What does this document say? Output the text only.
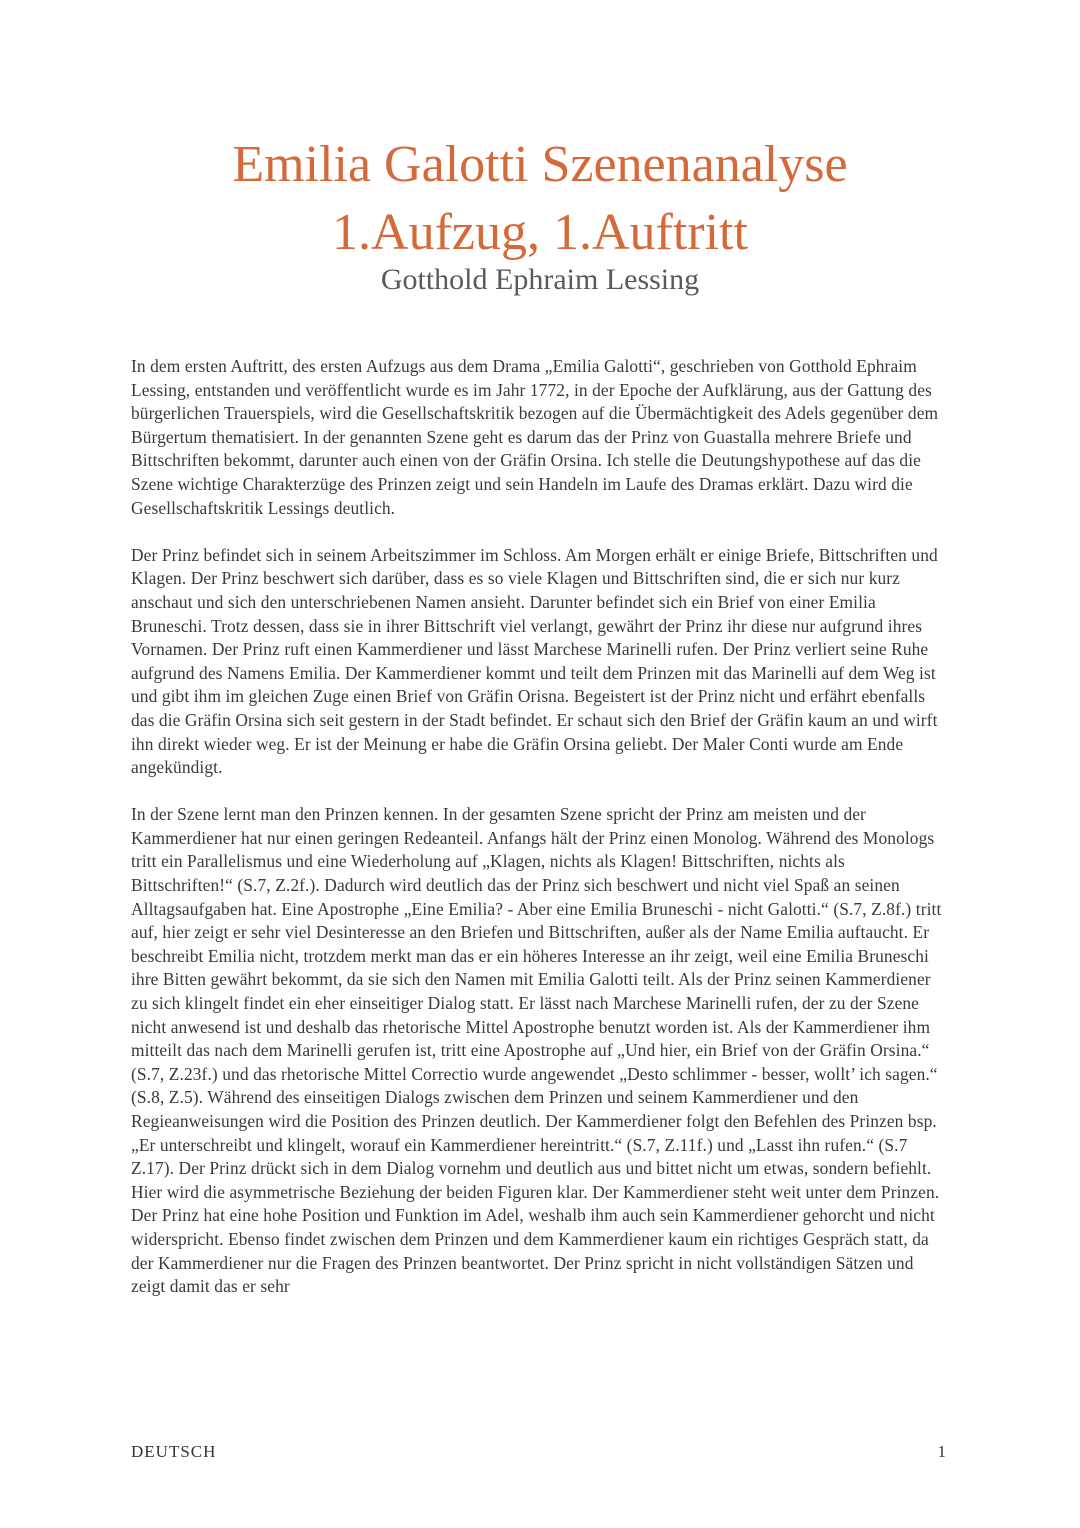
Emilia Galotti Szenenanalyse
1.Aufzug, 1.Auftritt
Gotthold Ephraim Lessing

In dem ersten Auftritt, des ersten Aufzugs aus dem Drama „Emilia Galotti“, geschrieben von Gotthold Ephraim Lessing, entstanden und veröffentlicht wurde es im Jahr 1772, in der Epoche der Aufklärung, aus der Gattung des bürgerlichen Trauerspiels, wird die Gesellschaftskritik bezogen auf die Übermächtigkeit des Adels gegenüber dem Bürgertum thematisiert. In der genannten Szene geht es darum das der Prinz von Guastalla mehrere Briefe und Bittschriften bekommt, darunter auch einen von der Gräfin Orsina. Ich stelle die Deutungshypothese auf das die Szene wichtige Charakterzüge des Prinzen zeigt und sein Handeln im Laufe des Dramas erklärt. Dazu wird die Gesellschaftskritik Lessings deutlich.

Der Prinz befindet sich in seinem Arbeitszimmer im Schloss. Am Morgen erhält er einige Briefe, Bittschriften und Klagen. Der Prinz beschwert sich darüber, dass es so viele Klagen und Bittschriften sind, die er sich nur kurz anschaut und sich den unterschriebenen Namen ansieht. Darunter befindet sich ein Brief von einer Emilia Bruneschi. Trotz dessen, dass sie in ihrer Bittschrift viel verlangt, gewährt der Prinz ihr diese nur aufgrund ihres Vornamen. Der Prinz ruft einen Kammerdiener und lässt Marchese Marinelli rufen. Der Prinz verliert seine Ruhe aufgrund des Namens Emilia. Der Kammerdiener kommt und teilt dem Prinzen mit das Marinelli auf dem Weg ist und gibt ihm im gleichen Zuge einen Brief von Gräfin Orisna. Begeistert ist der Prinz nicht und erfährt ebenfalls das die Gräfin Orsina sich seit gestern in der Stadt befindet. Er schaut sich den Brief der Gräfin kaum an und wirft ihn direkt wieder weg. Er ist der Meinung er habe die Gräfin Orsina geliebt. Der Maler Conti wurde am Ende angekündigt.

In der Szene lernt man den Prinzen kennen. In der gesamten Szene spricht der Prinz am meisten und der Kammerdiener hat nur einen geringen Redeanteil. Anfangs hält der Prinz einen Monolog. Während des Monologs tritt ein Parallelismus und eine Wiederholung auf „Klagen, nichts als Klagen! Bittschriften, nichts als Bittschriften!“ (S.7, Z.2f.). Dadurch wird deutlich das der Prinz sich beschwert und nicht viel Spaß an seinen Alltagsaufgaben hat. Eine Apostrophe „Eine Emilia? - Aber eine Emilia Bruneschi - nicht Galotti.“ (S.7, Z.8f.) tritt auf, hier zeigt er sehr viel Desinteresse an den Briefen und Bittschriften, außer als der Name Emilia auftaucht. Er beschreibt Emilia nicht, trotzdem merkt man das er ein höheres Interesse an ihr zeigt, weil eine Emilia Bruneschi ihre Bitten gewährt bekommt, da sie sich den Namen mit Emilia Galotti teilt. Als der Prinz seinen Kammerdiener zu sich klingelt findet ein eher einseitiger Dialog statt. Er lässt nach Marchese Marinelli rufen, der zu der Szene nicht anwesend ist und deshalb das rhetorische Mittel Apostrophe benutzt worden ist. Als der Kammerdiener ihm mitteilt das nach dem Marinelli gerufen ist, tritt eine Apostrophe auf „Und hier, ein Brief von der Gräfin Orsina.“ (S.7, Z.23f.) und das rhetorische Mittel Correctio wurde angewendet „Desto schlimmer - besser, wollt’ ich sagen.“ (S.8, Z.5). Während des einseitigen Dialogs zwischen dem Prinzen und seinem Kammerdiener und den Regieanweisungen wird die Position des Prinzen deutlich. Der Kammerdiener folgt den Befehlen des Prinzen bsp. „Er unterschreibt und klingelt, worauf ein Kammerdiener hereintritt.“ (S.7, Z.11f.) und „Lasst ihn rufen.“ (S.7 Z.17). Der Prinz drückt sich in dem Dialog vornehm und deutlich aus und bittet nicht um etwas, sondern befiehlt. Hier wird die asymmetrische Beziehung der beiden Figuren klar. Der Kammerdiener steht weit unter dem Prinzen. Der Prinz hat eine hohe Position und Funktion im Adel, weshalb ihm auch sein Kammerdiener gehorcht und nicht widerspricht. Ebenso findet zwischen dem Prinzen und dem Kammerdiener kaum ein richtiges Gespräch statt, da der Kammerdiener nur die Fragen des Prinzen beantwortet. Der Prinz spricht in nicht vollständigen Sätzen und zeigt damit das er sehr

DEUTSCH	1
